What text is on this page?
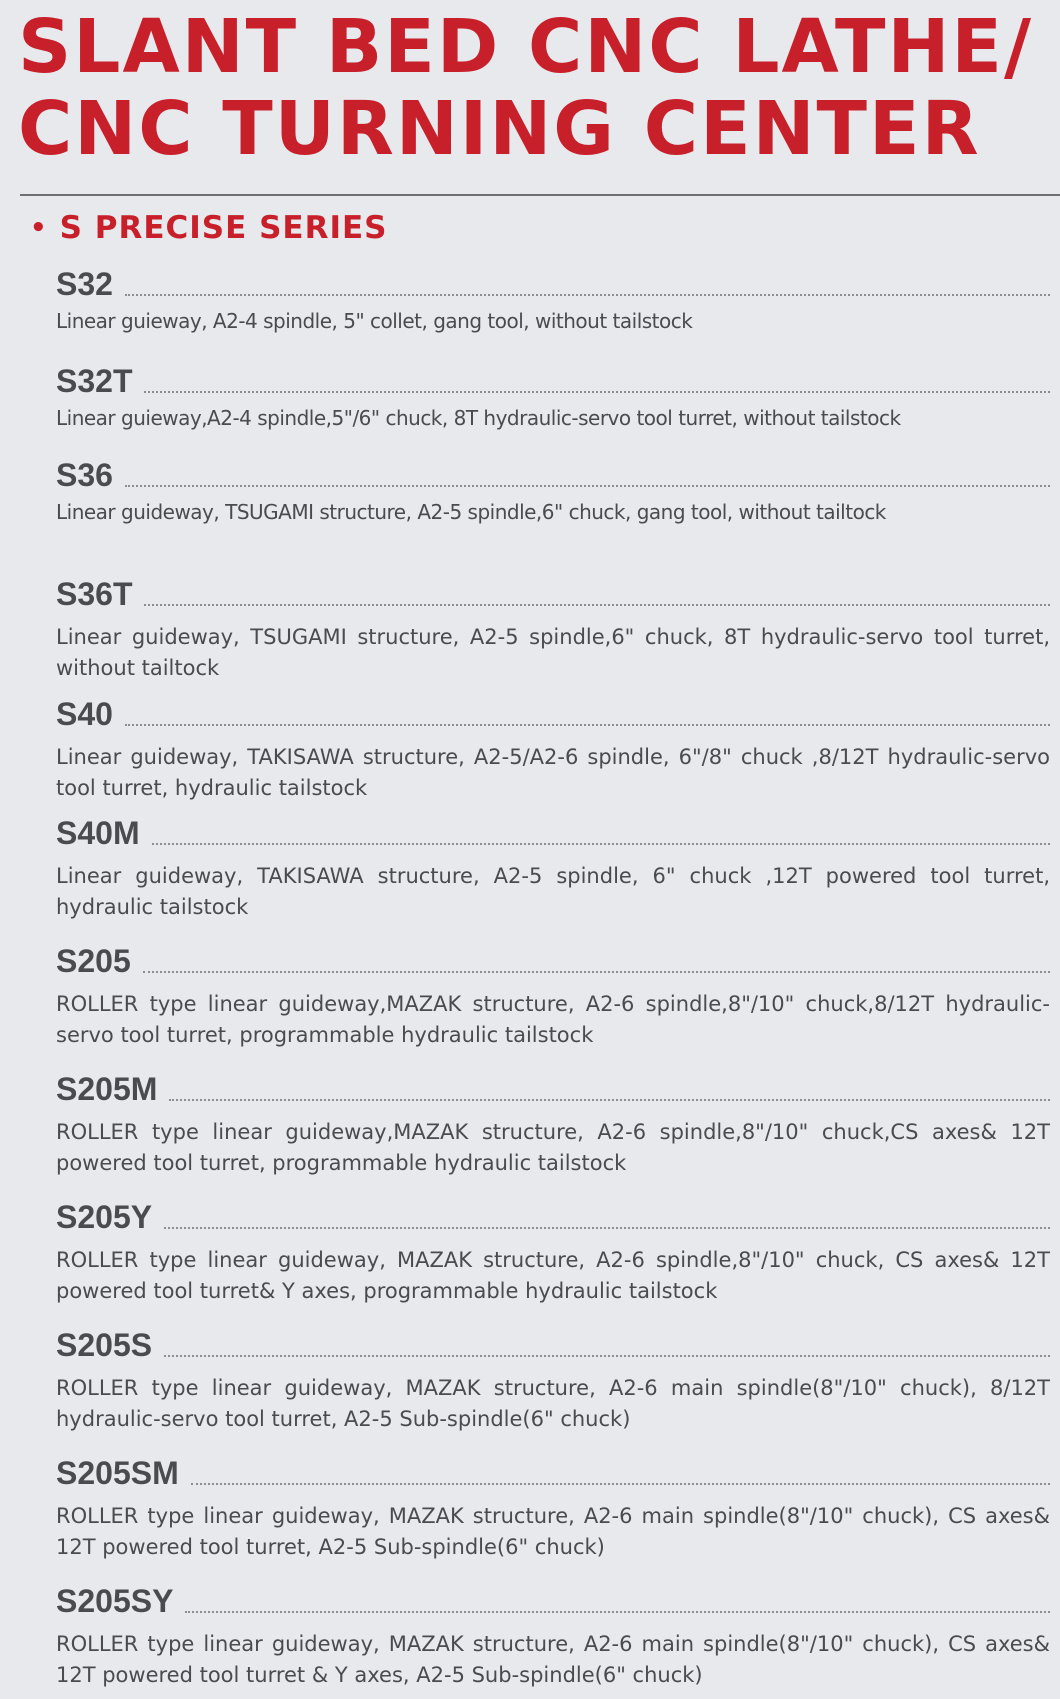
SLANT BED CNC LATHE/
CNC TURNING CENTER
• S PRECISE SERIES
S32

Linear guieway, A2-4 spindle, 5" collet, gang tool, without tailstock

S32T

Linear guieway,A2-4 spindle,5"/6" chuck, 8T hydraulic-servo tool turret, without tailstock

S36

Linear guideway, TSUGAMI structure, A2-5 spindle,6" chuck, gang tool, without tailtock

S36T

Linear guideway, TSUGAMI structure, A2-5 spindle,6" chuck, 8T hydraulic-servo tool turret, without tailtock

S40

Linear guideway, TAKISAWA structure, A2-5/A2-6 spindle, 6"/8" chuck ,8/12T hydraulic-servo tool turret, hydraulic tailstock

S40M

Linear guideway, TAKISAWA structure, A2-5 spindle, 6" chuck ,12T powered tool turret, hydraulic tailstock

S205

ROLLER type linear guideway,MAZAK structure, A2-6 spindle,8"/10" chuck,8/12T hydraulic-servo tool turret, programmable hydraulic tailstock

S205M

ROLLER type linear guideway,MAZAK structure, A2-6 spindle,8"/10" chuck,CS axes& 12T powered tool turret, programmable hydraulic tailstock

S205Y

ROLLER type linear guideway, MAZAK structure, A2-6 spindle,8"/10" chuck, CS axes& 12T powered tool turret& Y axes, programmable hydraulic tailstock

S205S

ROLLER type linear guideway, MAZAK structure, A2-6 main spindle(8"/10" chuck), 8/12T hydraulic-servo tool turret, A2-5 Sub-spindle(6" chuck)

S205SM

ROLLER type linear guideway, MAZAK structure, A2-6 main spindle(8"/10" chuck), CS axes& 12T powered tool turret, A2-5 Sub-spindle(6" chuck)

S205SY

ROLLER type linear guideway, MAZAK structure, A2-6 main spindle(8"/10" chuck), CS axes& 12T powered tool turret & Y axes, A2-5 Sub-spindle(6" chuck)
